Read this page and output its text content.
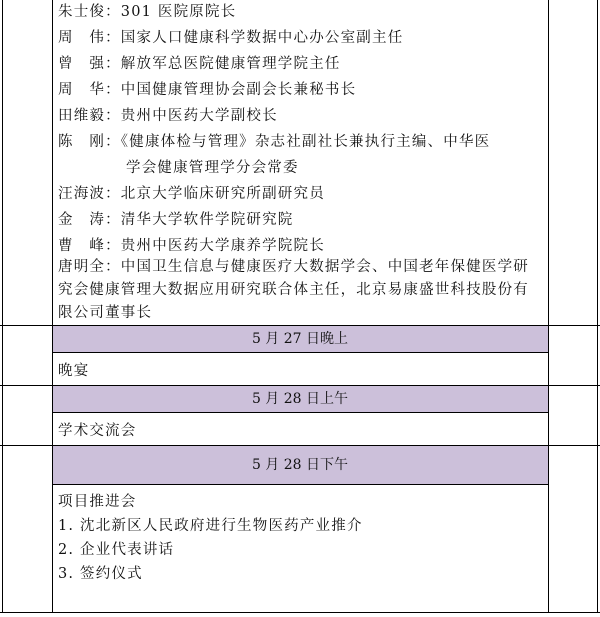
朱士俊：301 医院原院长
周　伟：国家人口健康科学数据中心办公室副主任
曾　强：解放军总医院健康管理学院主任
周　华：中国健康管理协会副会长兼秘书长
田维毅：贵州中医药大学副校长
陈　刚：《健康体检与管理》杂志社副社长兼执行主编、中华医
学会健康管理学分会常委
汪海波：北京大学临床研究所副研究员
金　涛：清华大学软件学院研究院
曹　峰：贵州中医药大学康养学院院长
唐明全：中国卫生信息与健康医疗大数据学会、中国老年保健医学研究会健康管理大数据应用研究联合体主任，北京易康盛世科技股份有限公司董事长
5 月 27 日晚上
晚宴
5 月 28 日上午
学术交流会
5 月 28 日下午
项目推进会
1. 沈北新区人民政府进行生物医药产业推介
2. 企业代表讲话
3. 签约仪式
